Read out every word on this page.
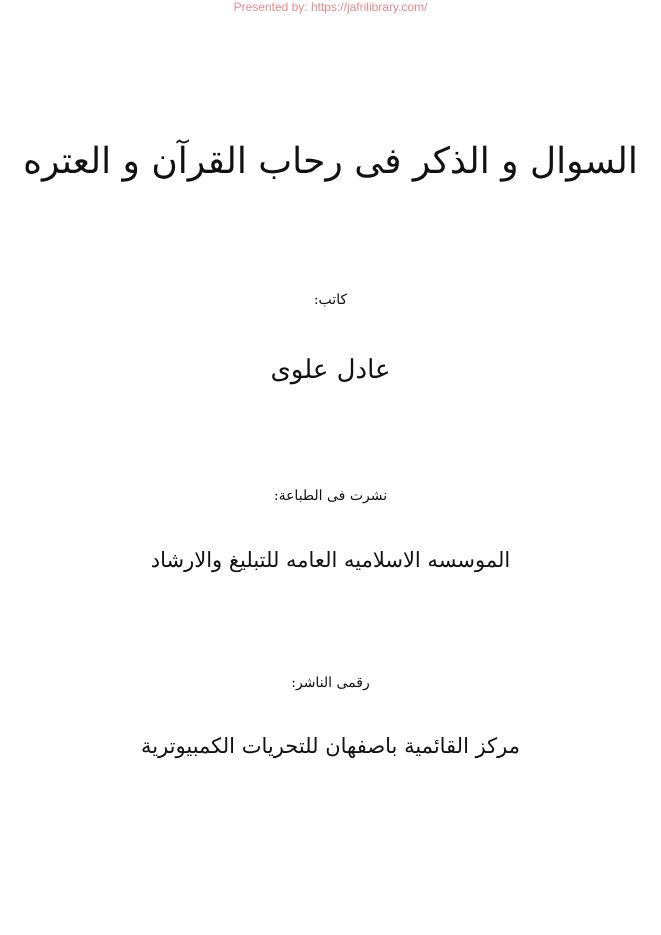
Presented by: https://jafrilibrary.com/
السوال و الذکر فی رحاب القرآن و العتره
کاتب:
عادل علوی
نشرت فی الطباعة:
الموسسه الاسلامیه العامه للتبلیغ والارشاد
رقمی الناشر:
مرکز القائمیة باصفهان للتحریات الکمبیوتریة
